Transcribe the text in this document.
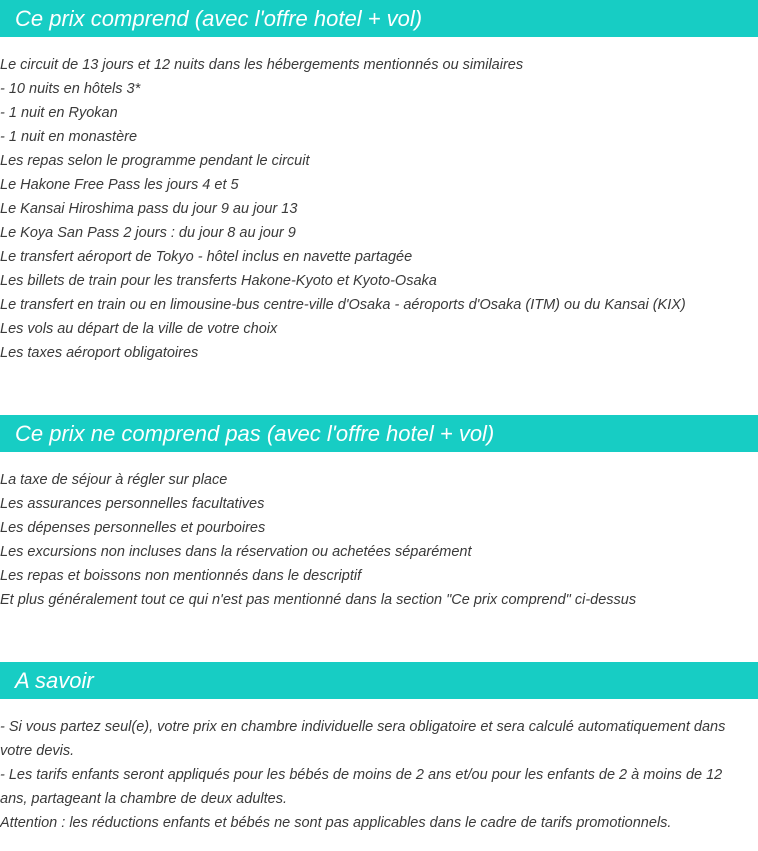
Ce prix comprend (avec l'offre hotel + vol)
Le circuit de 13 jours et 12 nuits dans les hébergements mentionnés ou similaires
- 10 nuits en hôtels 3*
- 1 nuit en Ryokan
- 1 nuit en monastère
Les repas selon le programme pendant le circuit
Le Hakone Free Pass les jours 4 et 5
Le Kansai Hiroshima pass du jour 9 au jour 13
Le Koya San Pass 2 jours : du jour 8 au jour 9
Le transfert aéroport de Tokyo - hôtel inclus en navette partagée
Les billets de train pour les transferts Hakone-Kyoto et Kyoto-Osaka
Le transfert en train ou en limousine-bus centre-ville d'Osaka - aéroports d'Osaka (ITM) ou du Kansai (KIX)
Les vols au départ de la ville de votre choix
Les taxes aéroport obligatoires
Ce prix ne comprend pas (avec l'offre hotel + vol)
La taxe de séjour à régler sur place
Les assurances personnelles facultatives
Les dépenses personnelles et pourboires
Les excursions non incluses dans la réservation ou achetées séparément
Les repas et boissons non mentionnés dans le descriptif
Et plus généralement tout ce qui n'est pas mentionné dans la section "Ce prix comprend" ci-dessus
A savoir
- Si vous partez seul(e), votre prix en chambre individuelle sera obligatoire et sera calculé automatiquement dans votre devis.
- Les tarifs enfants seront appliqués pour les bébés de moins de 2 ans et/ou pour les enfants de 2 à moins de 12 ans, partageant la chambre de deux adultes.
Attention : les réductions enfants et bébés ne sont pas applicables dans le cadre de tarifs promotionnels.
